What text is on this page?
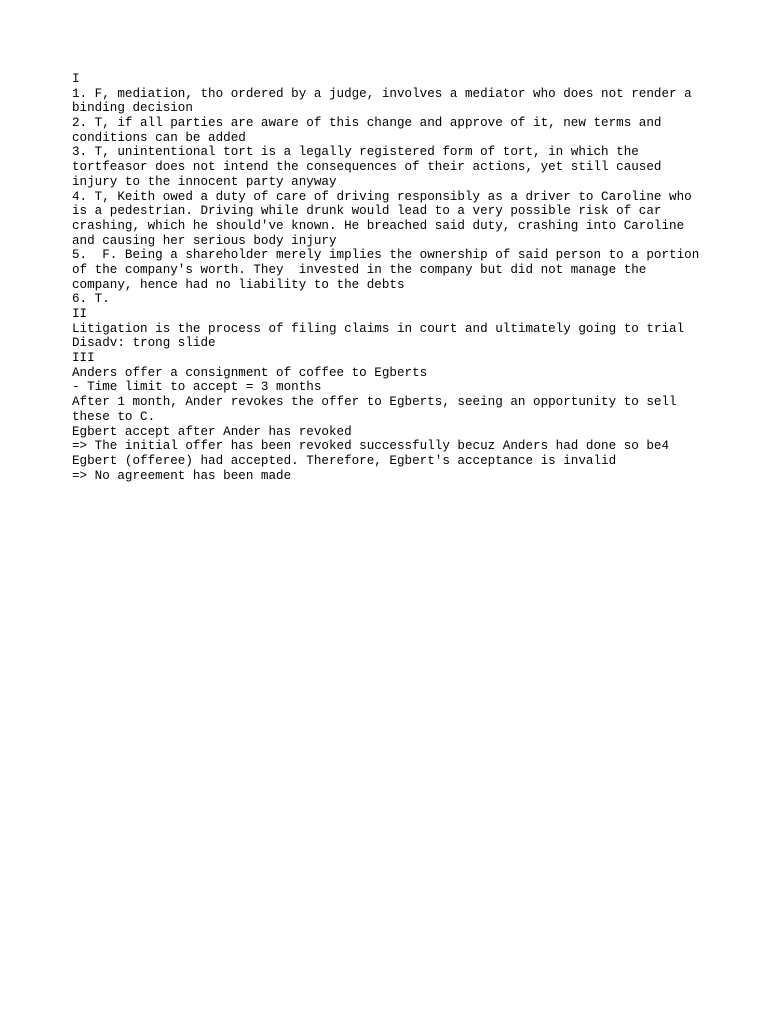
I
1. F, mediation, tho ordered by a judge, involves a mediator who does not render a
binding decision
2. T, if all parties are aware of this change and approve of it, new terms and
conditions can be added
3. T, unintentional tort is a legally registered form of tort, in which the
tortfeasor does not intend the consequences of their actions, yet still caused
injury to the innocent party anyway
4. T, Keith owed a duty of care of driving responsibly as a driver to Caroline who
is a pedestrian. Driving while drunk would lead to a very possible risk of car
crashing, which he should've known. He breached said duty, crashing into Caroline
and causing her serious body injury
5.  F. Being a shareholder merely implies the ownership of said person to a portion
of the company's worth. They  invested in the company but did not manage the
company, hence had no liability to the debts
6. T.
II
Litigation is the process of filing claims in court and ultimately going to trial
Disadv: trong slide
III
Anders offer a consignment of coffee to Egberts
- Time limit to accept = 3 months
After 1 month, Ander revokes the offer to Egberts, seeing an opportunity to sell
these to C.
Egbert accept after Ander has revoked
=> The initial offer has been revoked successfully becuz Anders had done so be4
Egbert (offeree) had accepted. Therefore, Egbert's acceptance is invalid
=> No agreement has been made
